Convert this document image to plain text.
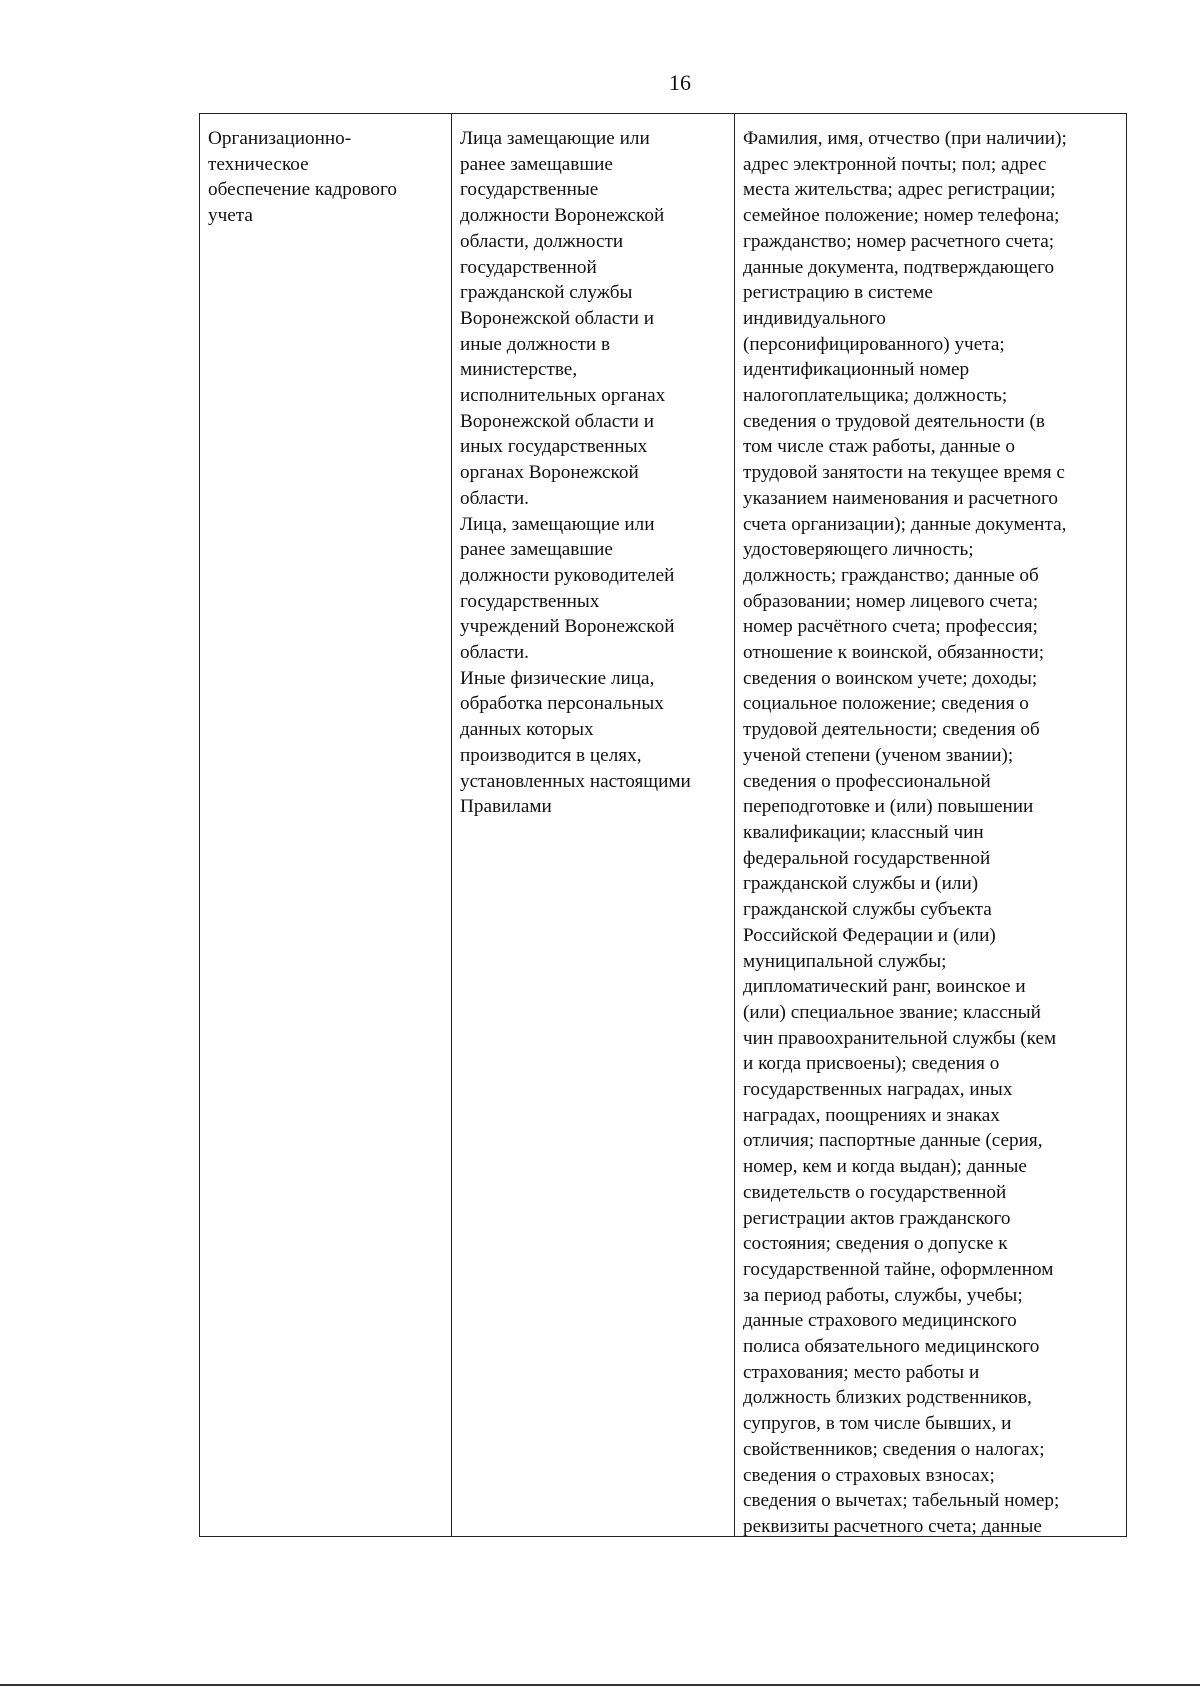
16
Организационно-
техническое
обеспечение кадрового
учета
Лица замещающие или
ранее замещавшие
государственные
должности Воронежской
области, должности
государственной
гражданской службы
Воронежской области и
иные должности в
министерстве,
исполнительных органах
Воронежской области и
иных государственных
органах Воронежской
области.
Лица, замещающие или
ранее замещавшие
должности руководителей
государственных
учреждений Воронежской
области.
Иные физические лица,
обработка персональных
данных которых
производится в целях,
установленных настоящими
Правилами
Фамилия, имя, отчество (при наличии);
адрес электронной почты; пол; адрес
места жительства; адрес регистрации;
семейное положение; номер телефона;
гражданство; номер расчетного счета;
данные документа, подтверждающего
регистрацию в системе
индивидуального
(персонифицированного) учета;
идентификационный номер
налогоплательщика; должность;
сведения о трудовой деятельности (в
том числе стаж работы, данные о
трудовой занятости на текущее время с
указанием наименования и расчетного
счета организации); данные документа,
удостоверяющего личность;
должность; гражданство; данные об
образовании; номер лицевого счета;
номер расчётного счета; профессия;
отношение к воинской, обязанности;
сведения о воинском учете; доходы;
социальное положение; сведения о
трудовой деятельности; сведения об
ученой степени (ученом звании);
сведения о профессиональной
переподготовке и (или) повышении
квалификации; классный чин
федеральной государственной
гражданской службы и (или)
гражданской службы субъекта
Российской Федерации и (или)
муниципальной службы;
дипломатический ранг, воинское и
(или) специальное звание; классный
чин правоохранительной службы (кем
и когда присвоены); сведения о
государственных наградах, иных
наградах, поощрениях и знаках
отличия; паспортные данные (серия,
номер, кем и когда выдан); данные
свидетельств о государственной
регистрации актов гражданского
состояния; сведения о допуске к
государственной тайне, оформленном
за период работы, службы, учебы;
данные страхового медицинского
полиса обязательного медицинского
страхования; место работы и
должность близких родственников,
супругов, в том числе бывших, и
свойственников; сведения о налогах;
сведения о страховых взносах;
сведения о вычетах; табельный номер;
реквизиты расчетного счета; данные
